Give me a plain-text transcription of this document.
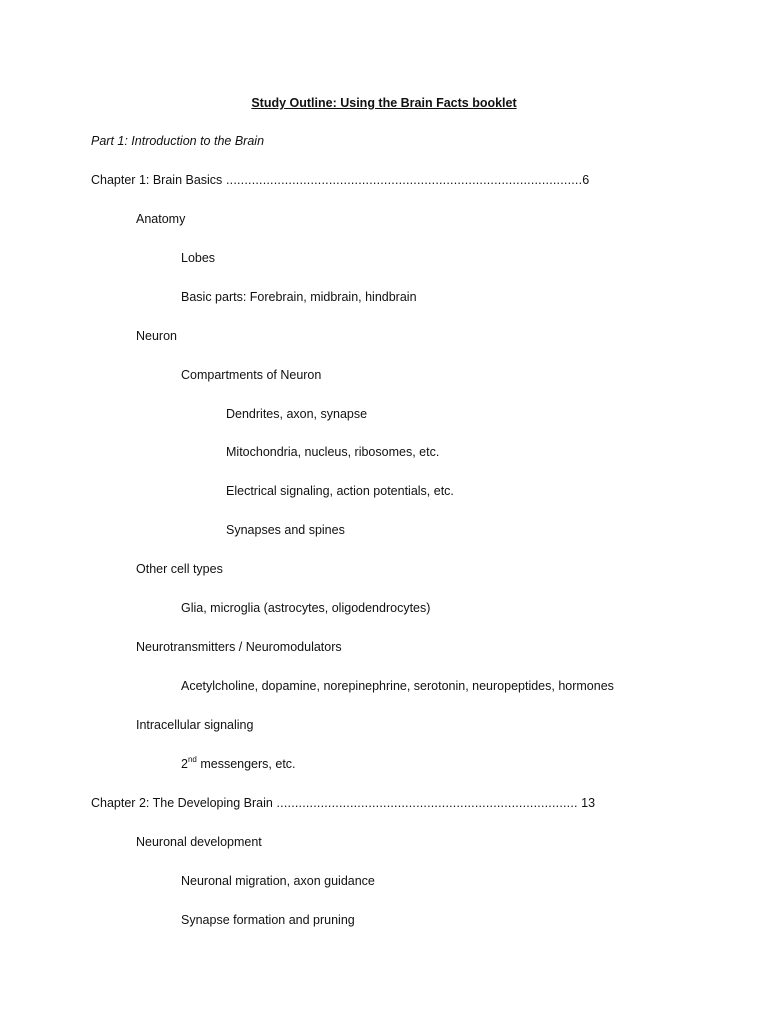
Study Outline: Using the Brain Facts booklet

Part 1: Introduction to the Brain

Chapter 1: Brain Basics .................................................................................................6

Anatomy

Lobes

Basic parts: Forebrain, midbrain, hindbrain

Neuron

Compartments of Neuron

Dendrites, axon, synapse

Mitochondria, nucleus, ribosomes, etc.

Electrical signaling, action potentials, etc.

Synapses and spines

Other cell types

Glia, microglia (astrocytes, oligodendrocytes)

Neurotransmitters / Neuromodulators

Acetylcholine, dopamine, norepinephrine, serotonin, neuropeptides, hormones

Intracellular signaling

2nd messengers, etc.

Chapter 2: The Developing Brain .................................................................................. 13

Neuronal development

Neuronal migration, axon guidance

Synapse formation and pruning
